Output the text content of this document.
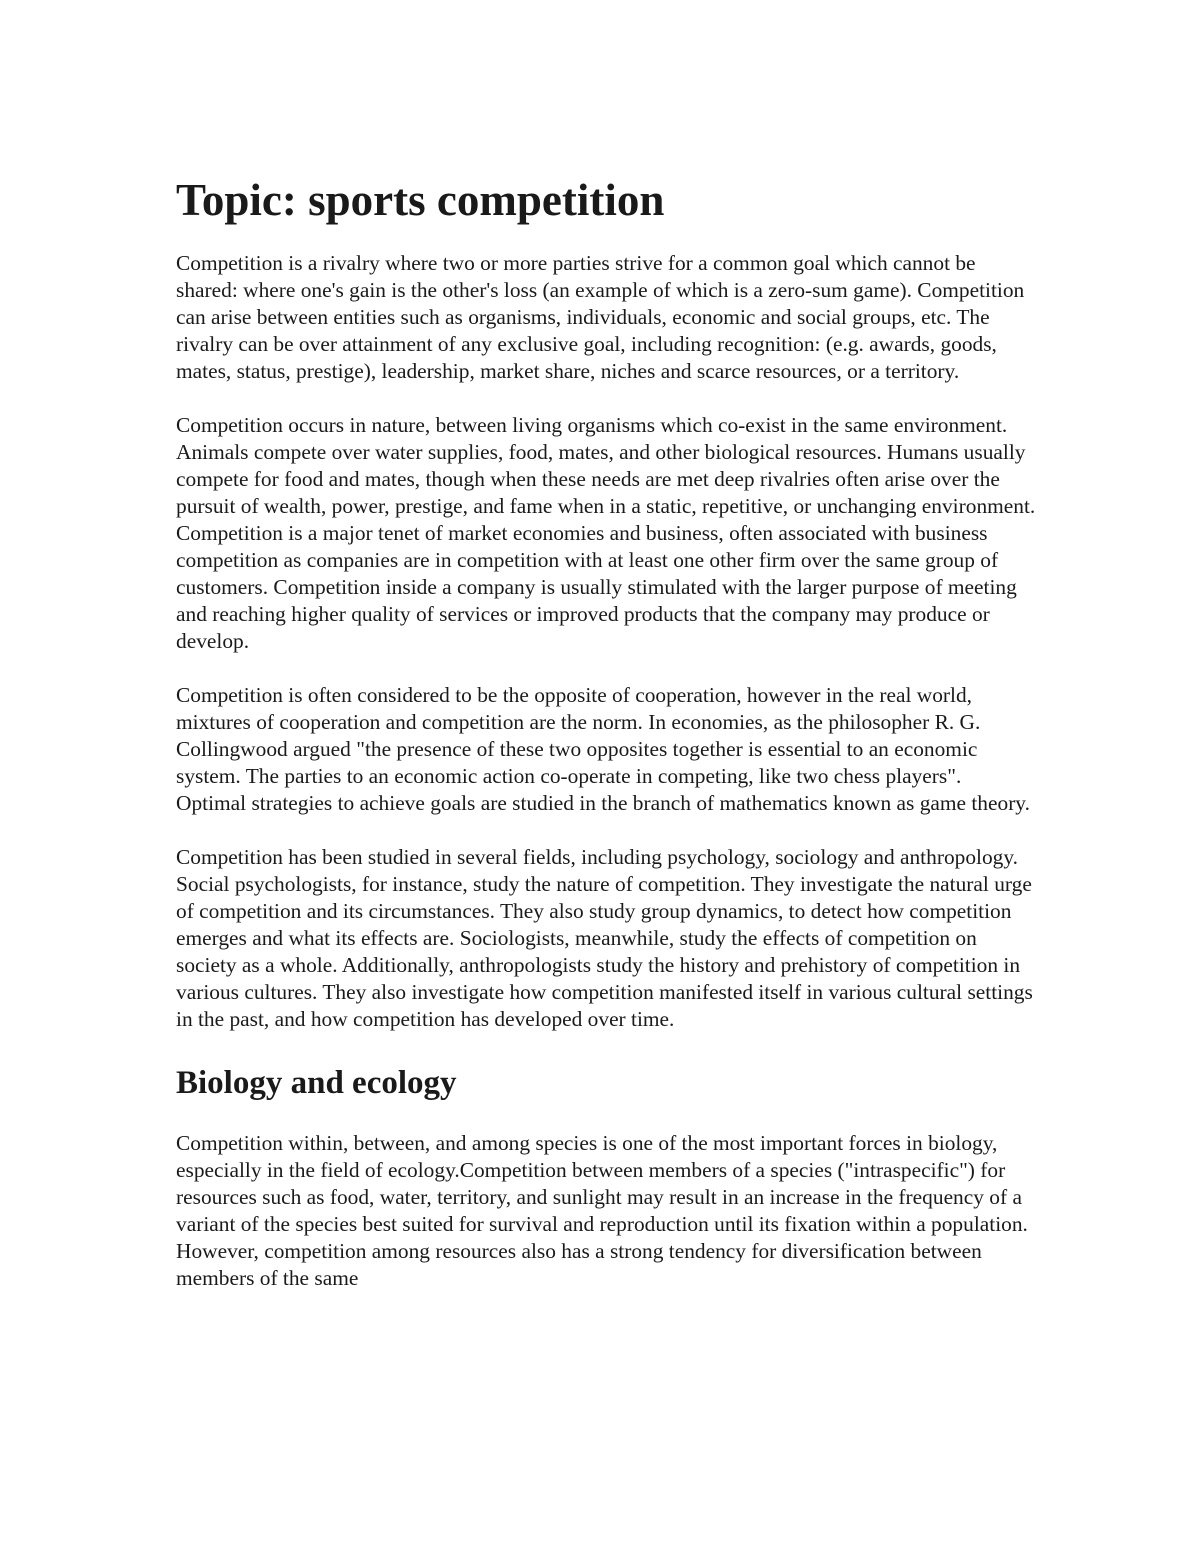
Topic: sports competition

Competition is a rivalry where two or more parties strive for a common goal which cannot be shared: where one's gain is the other's loss (an example of which is a zero-sum game). Competition can arise between entities such as organisms, individuals, economic and social groups, etc. The rivalry can be over attainment of any exclusive goal, including recognition: (e.g. awards, goods, mates, status, prestige), leadership, market share, niches and scarce resources, or a territory.

Competition occurs in nature, between living organisms which co-exist in the same environment. Animals compete over water supplies, food, mates, and other biological resources. Humans usually compete for food and mates, though when these needs are met deep rivalries often arise over the pursuit of wealth, power, prestige, and fame when in a static, repetitive, or unchanging environment. Competition is a major tenet of market economies and business, often associated with business competition as companies are in competition with at least one other firm over the same group of customers. Competition inside a company is usually stimulated with the larger purpose of meeting and reaching higher quality of services or improved products that the company may produce or develop.

Competition is often considered to be the opposite of cooperation, however in the real world, mixtures of cooperation and competition are the norm. In economies, as the philosopher R. G. Collingwood argued "the presence of these two opposites together is essential to an economic system. The parties to an economic action co-operate in competing, like two chess players". Optimal strategies to achieve goals are studied in the branch of mathematics known as game theory.

Competition has been studied in several fields, including psychology, sociology and anthropology. Social psychologists, for instance, study the nature of competition. They investigate the natural urge of competition and its circumstances. They also study group dynamics, to detect how competition emerges and what its effects are. Sociologists, meanwhile, study the effects of competition on society as a whole. Additionally, anthropologists study the history and prehistory of competition in various cultures. They also investigate how competition manifested itself in various cultural settings in the past, and how competition has developed over time.

Biology and ecology

Competition within, between, and among species is one of the most important forces in biology, especially in the field of ecology.Competition between members of a species ("intraspecific") for resources such as food, water, territory, and sunlight may result in an increase in the frequency of a variant of the species best suited for survival and reproduction until its fixation within a population. However, competition among resources also has a strong tendency for diversification between members of the same
